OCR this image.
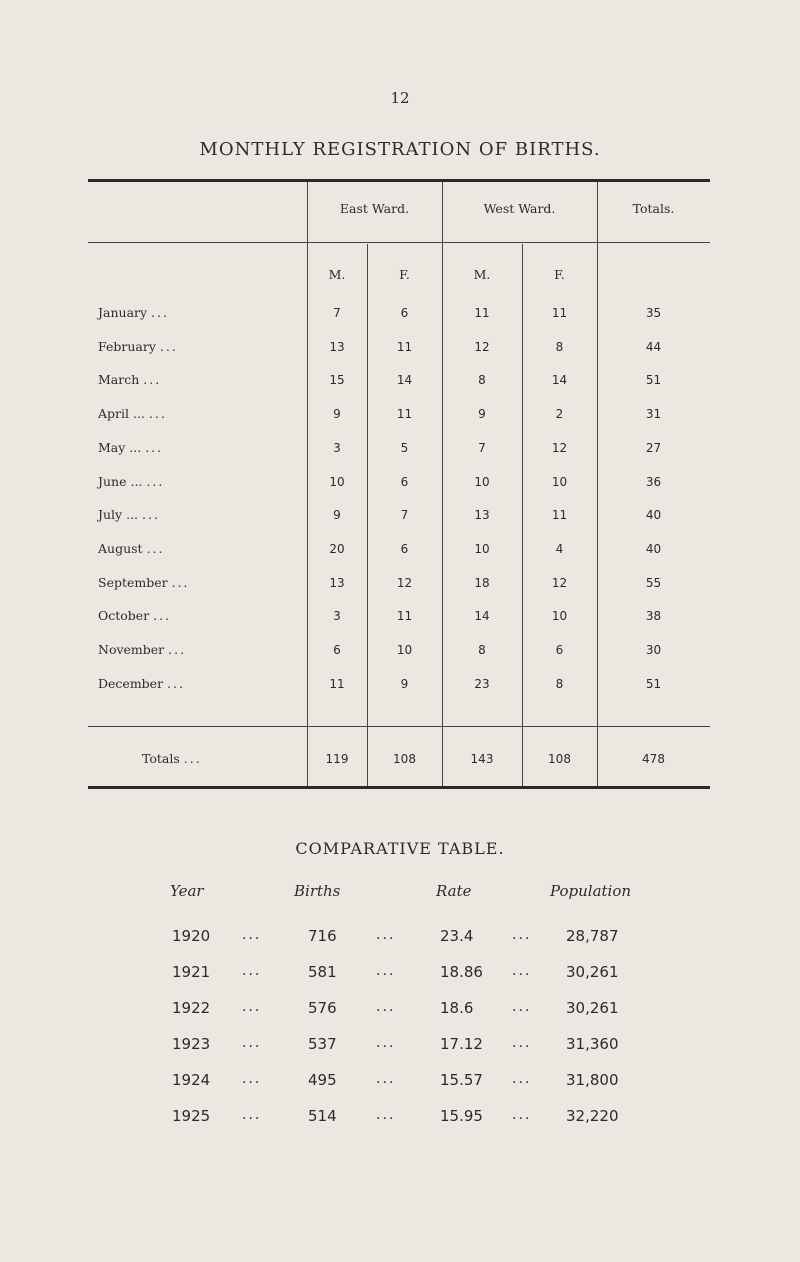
12
MONTHLY REGISTRATION OF BIRTHS.
East Ward.	West Ward.	Totals.
M.	F.	M.	F.
January ...	7	6	11	11	35
February ...	13	11	12	8	44
March ...	15	14	8	14	51
April ... ...	9	11	9	2	31
May ... ...	3	5	7	12	27
June ... ...	10	6	10	10	36
July ... ...	9	7	13	11	40
August ...	20	6	10	4	40
September ...	13	12	18	12	55
October ...	3	11	14	10	38
November ...	6	10	8	6	30
December ...	11	9	23	8	51
Totals ...	119	108	143	108	478
COMPARATIVE TABLE.
Year	Births	Rate	Population
1920 ...	716	...	23.4	... 28,787
1921 ...	581	...	18.86 ... 30,261
1922 ...	576	...	18.6	... 30,261
1923 ...	537	...	17.12 ... 31,360
1924 ...	495	...	15.57 ... 31,800
1925 ...	514	...	15.95 ... 32,220
